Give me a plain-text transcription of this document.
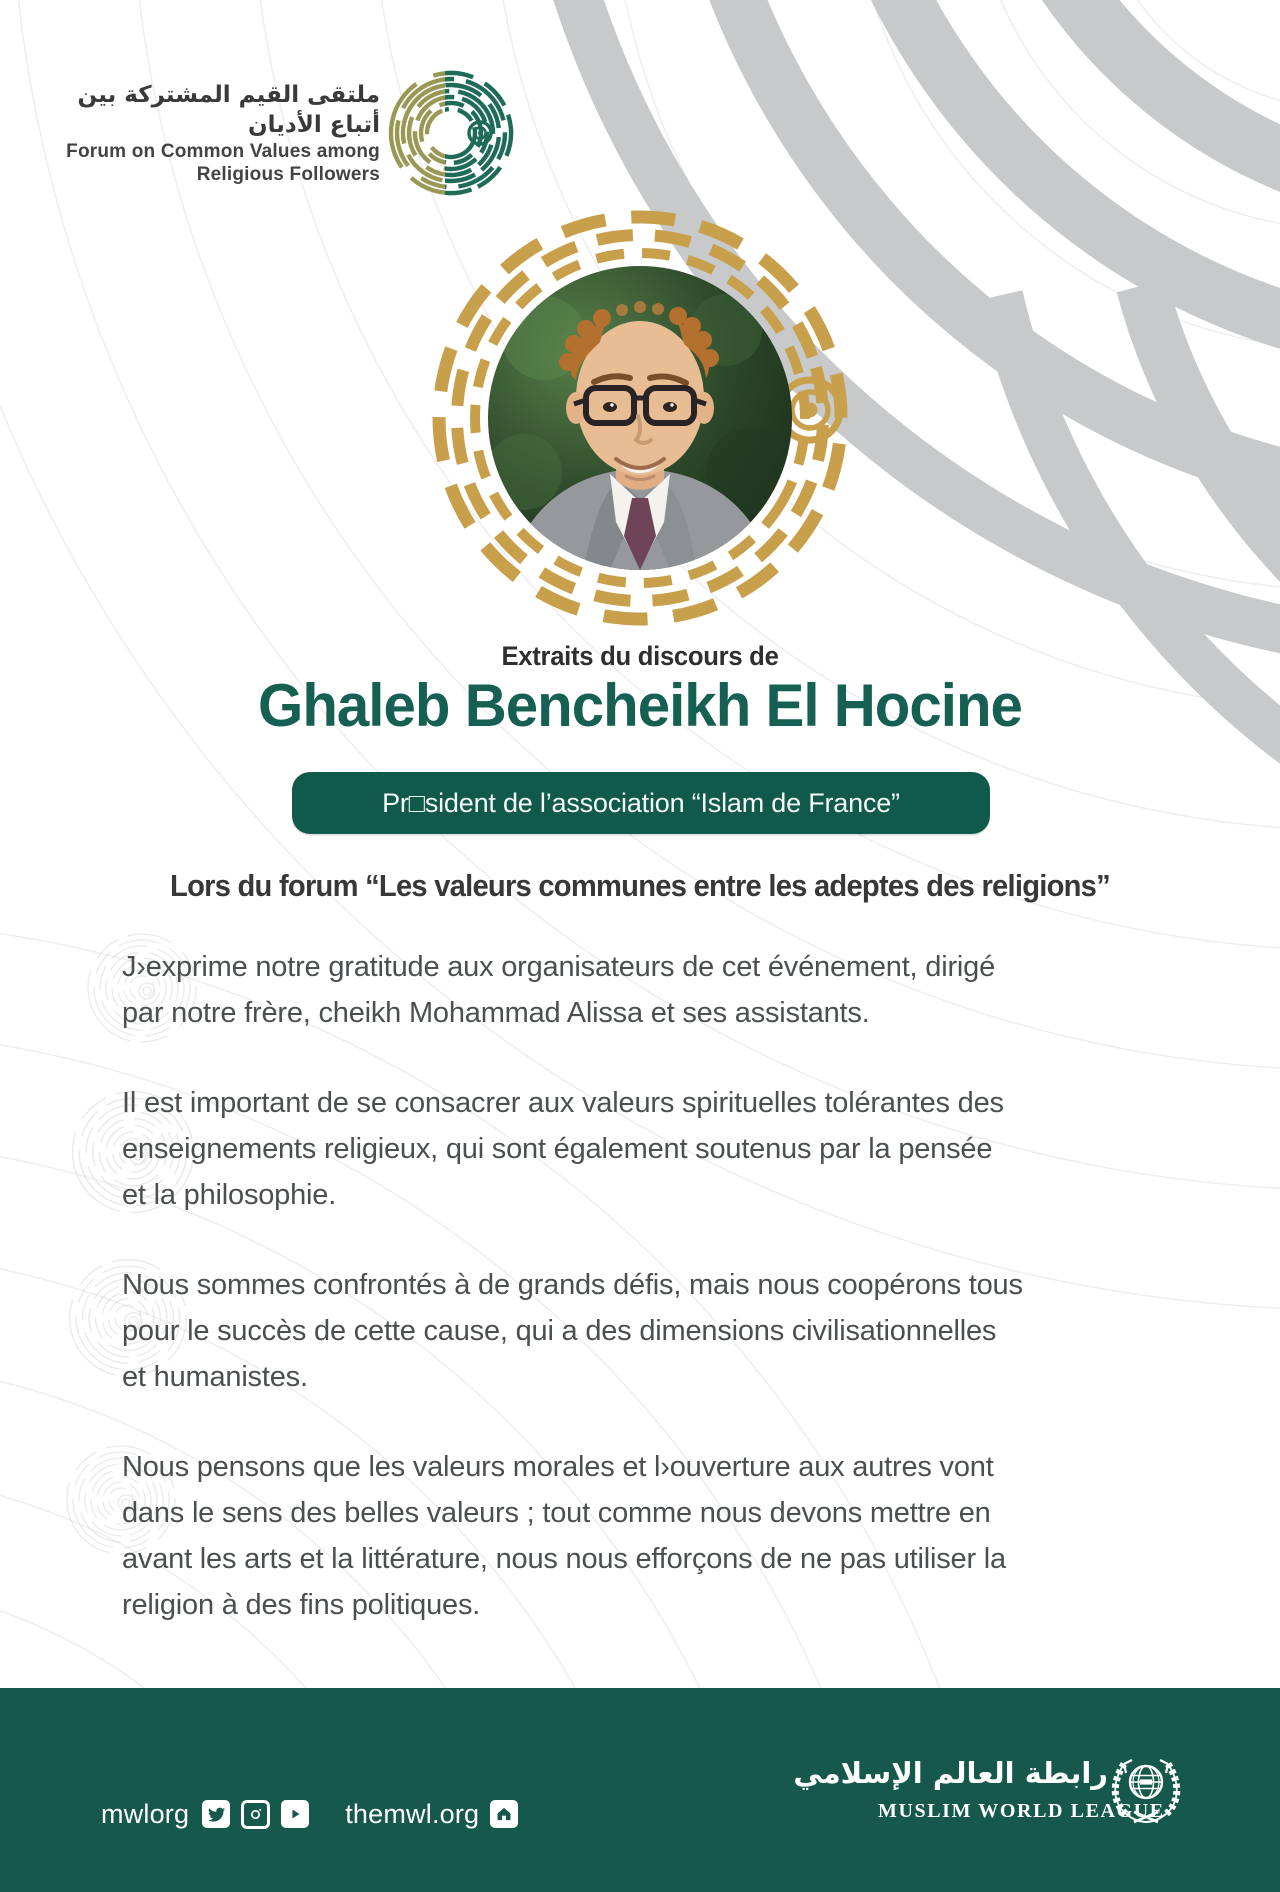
ملتقى القيم المشتركة بين أتباع الأديان
Forum on Common Values among
Religious Followers
Extraits du discours de
Ghaleb Bencheikh El Hocine
Pr□sident de l’association “Islam de France”
Lors du forum “Les valeurs communes entre les adeptes des religions”

J›exprime notre gratitude aux organisateurs de cet événement, dirigé
par notre frère, cheikh Mohammad Alissa et ses assistants.

Il est important de se consacrer aux valeurs spirituelles tolérantes des
enseignements religieux, qui sont également soutenus par la pensée
et la philosophie.

Nous sommes confrontés à de grands défis, mais nous coopérons tous
pour le succès de cette cause, qui a des dimensions civilisationnelles
et humanistes.

Nous pensons que les valeurs morales et l›ouverture aux autres vont
dans le sens des belles valeurs ; tout comme nous devons mettre en
avant les arts et la littérature, nous nous efforçons de ne pas utiliser la
religion à des fins politiques.

mwlorg	themwl.org
رابطة العالم الإسلامي
MUSLIM WORLD LEAGUE
